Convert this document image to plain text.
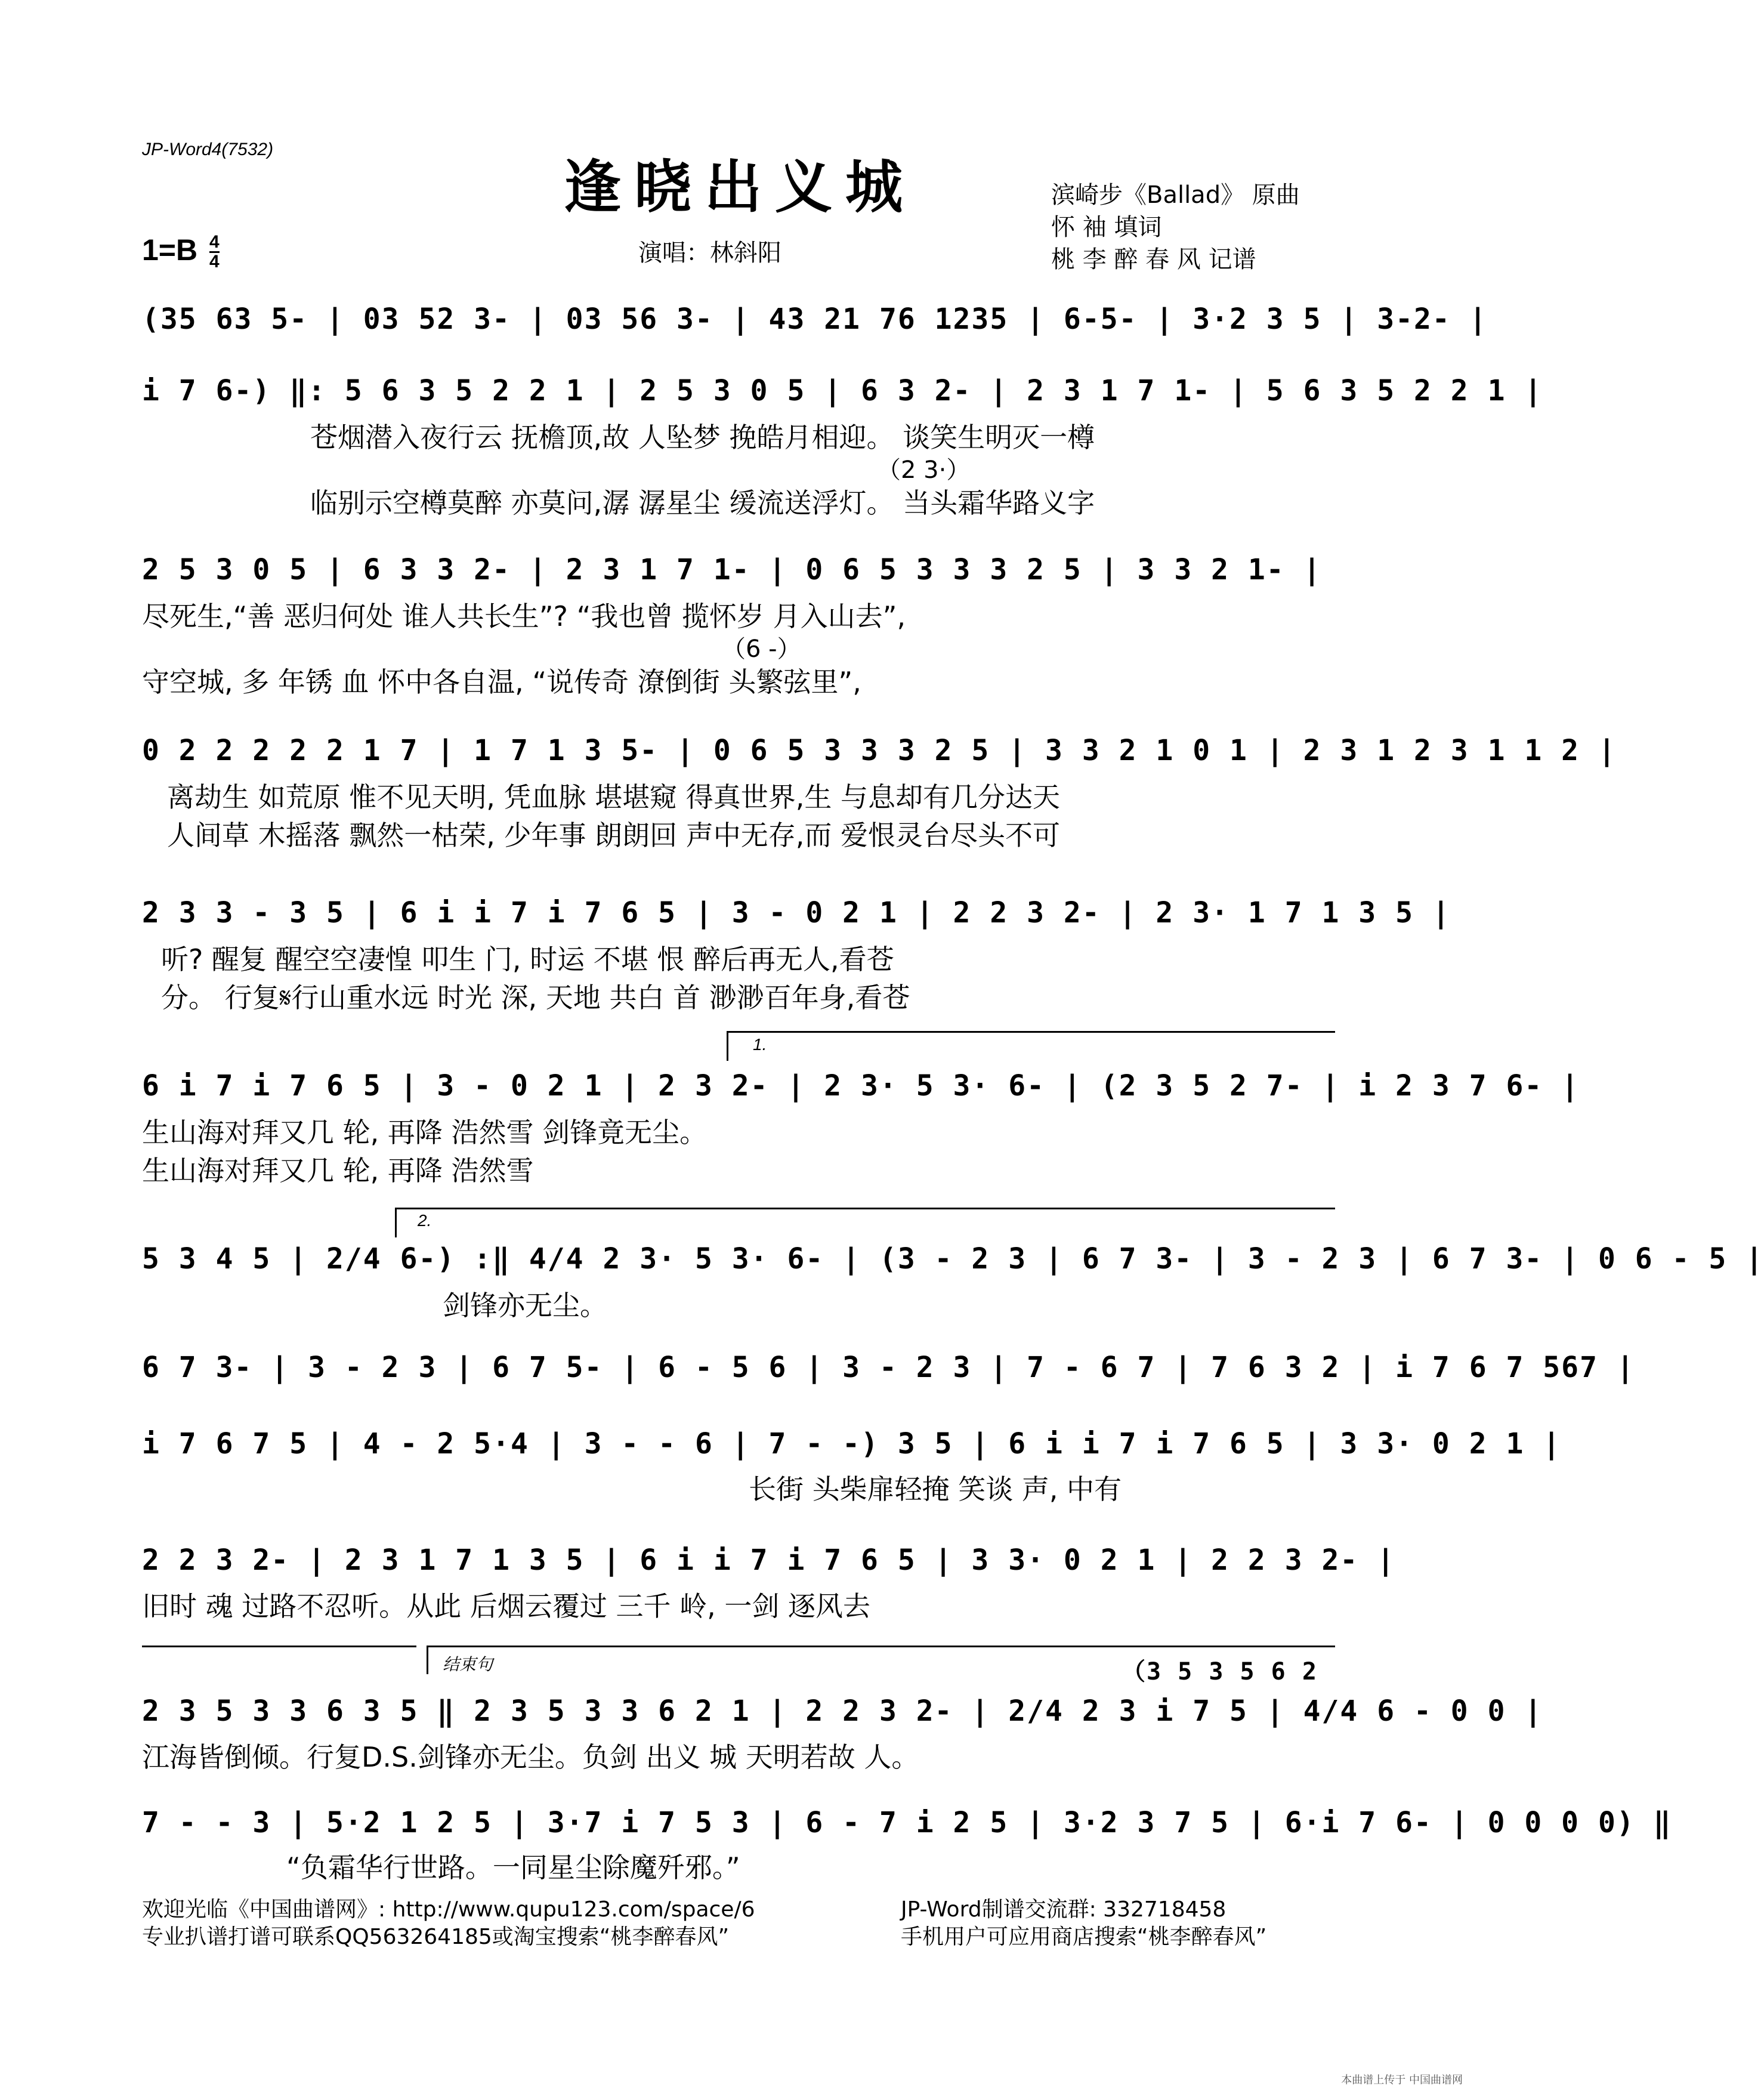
JP-Word4(7532)
逢晓出义城	滨崎步《Ballad》 原曲
怀 袖 填词
桃 李 醉 春 风 记谱
$1=B \frac{4}{4}$	演唱：林斜阳
(35 63 5- | 03 52 3- | 03 56 3- | 43 21 76 1235 | 6-5- | 3·2 3 5 | 3-2- |
i 7 6-) ‖: 5 6 3 5 2 2 1 | 2 5 3 0 5 | 6 3 2- | 2 3 1 7 1- | 5 6 3 5 2 2 1 |
苍烟潜入夜行云 抚檐顶,故 人坠梦 挽皓月相迎。 谈笑生明灭一樽
（2 3·）
临别示空樽莫醉 亦莫问,潺 潺星尘 缓流送浮灯。 当头霜华路义字
2 5 3 0 5 | 6 3 3 2- | 2 3 1 7 1- | 0 6 5 3 3 3 2 5 | 3 3 2 1- |
尽死生,“善 恶归何处 谁人共长生”? “我也曾 揽怀岁 月入山去”,
（6 -）
守空城, 多 年锈 血 怀中各自温, “说传奇 潦倒街 头繁弦里”,
0 2 2 2 2 2 1 7 | 1 7 1 3 5- | 0 6 5 3 3 3 2 5 | 3 3 2 1 0 1 | 2 3 1 2 3 1 1 2 |
离劫生 如荒原 惟不见天明, 凭血脉 堪堪窥 得真世界,生 与息却有几分达天
人间草 木摇落 飘然一枯荣, 少年事 朗朗回 声中无存,而 爱恨灵台尽头不可
2 3 3 - 3 5 | 6 i i 7 i 7 6 5 | 3 - 0 2 1 | 2 2 3 2- | 2 3· 1 7 1 3 5 |
听? 醒复 醒空空凄惶 叩生 门, 时运 不堪 恨 醉后再无人,看苍
分。 行复𝄋行山重水远 时光 深, 天地 共白 首 渺渺百年身,看苍
1.
6 i 7 i 7 6 5 | 3 - 0 2 1 | 2 3 2- | 2 3· 5 3· 6- | (2 3 5 2 7- | i 2 3 7 6- |
生山海对拜又几 轮, 再降 浩然雪 剑锋竟无尘。
生山海对拜又几 轮, 再降 浩然雪
2.
5 3 4 5 | 2/4 6-) :‖ 4/4 2 3· 5 3· 6- | (3 - 2 3 | 6 7 3- | 3 - 2 3 | 6 7 3- | 0 6 - 5 |
剑锋亦无尘。
6 7 3- | 3 - 2 3 | 6 7 5- | 6 - 5 6 | 3 - 2 3 | 7 - 6 7 | 7 6 3 2 | i 7 6 7 567 |
i 7 6 7 5 | 4 - 2 5·4 | 3 - - 6 | 7 - -) 3 5 | 6 i i 7 i 7 6 5 | 3 3· 0 2 1 |
长街 头柴扉轻掩 笑谈 声, 中有
2 2 3 2- | 2 3 1 7 1 3 5 | 6 i i 7 i 7 6 5 | 3 3· 0 2 1 | 2 2 3 2- |
旧时 魂 过路不忍听。从此 后烟云覆过 三千 岭, 一剑 逐风去
结束句	（3 5 3 5 6 2
2 3 5 3 3 6 3 5 ‖ 2 3 5 3 3 6 2 1 | 2 2 3 2- | 2/4 2 3 i 7 5 | 4/4 6 - 0 0 |
江海皆倒倾。行复D.S.剑锋亦无尘。负剑 出义 城 天明若故 人。
7 - - 3 | 5·2 1 2 5 | 3·7 i 7 5 3 | 6 - 7 i 2 5 | 3·2 3 7 5 | 6·i 7 6- | 0 0 0 0) ‖
“负霜华行世路。一同星尘除魔歼邪。”
欢迎光临《中国曲谱网》: http://www.qupu123.com/space/6
专业扒谱打谱可联系QQ563264185或淘宝搜索“桃李醉春风”
JP-Word制谱交流群: 332718458
手机用户可应用商店搜索“桃李醉春风”
本曲谱上传于 中国曲谱网
